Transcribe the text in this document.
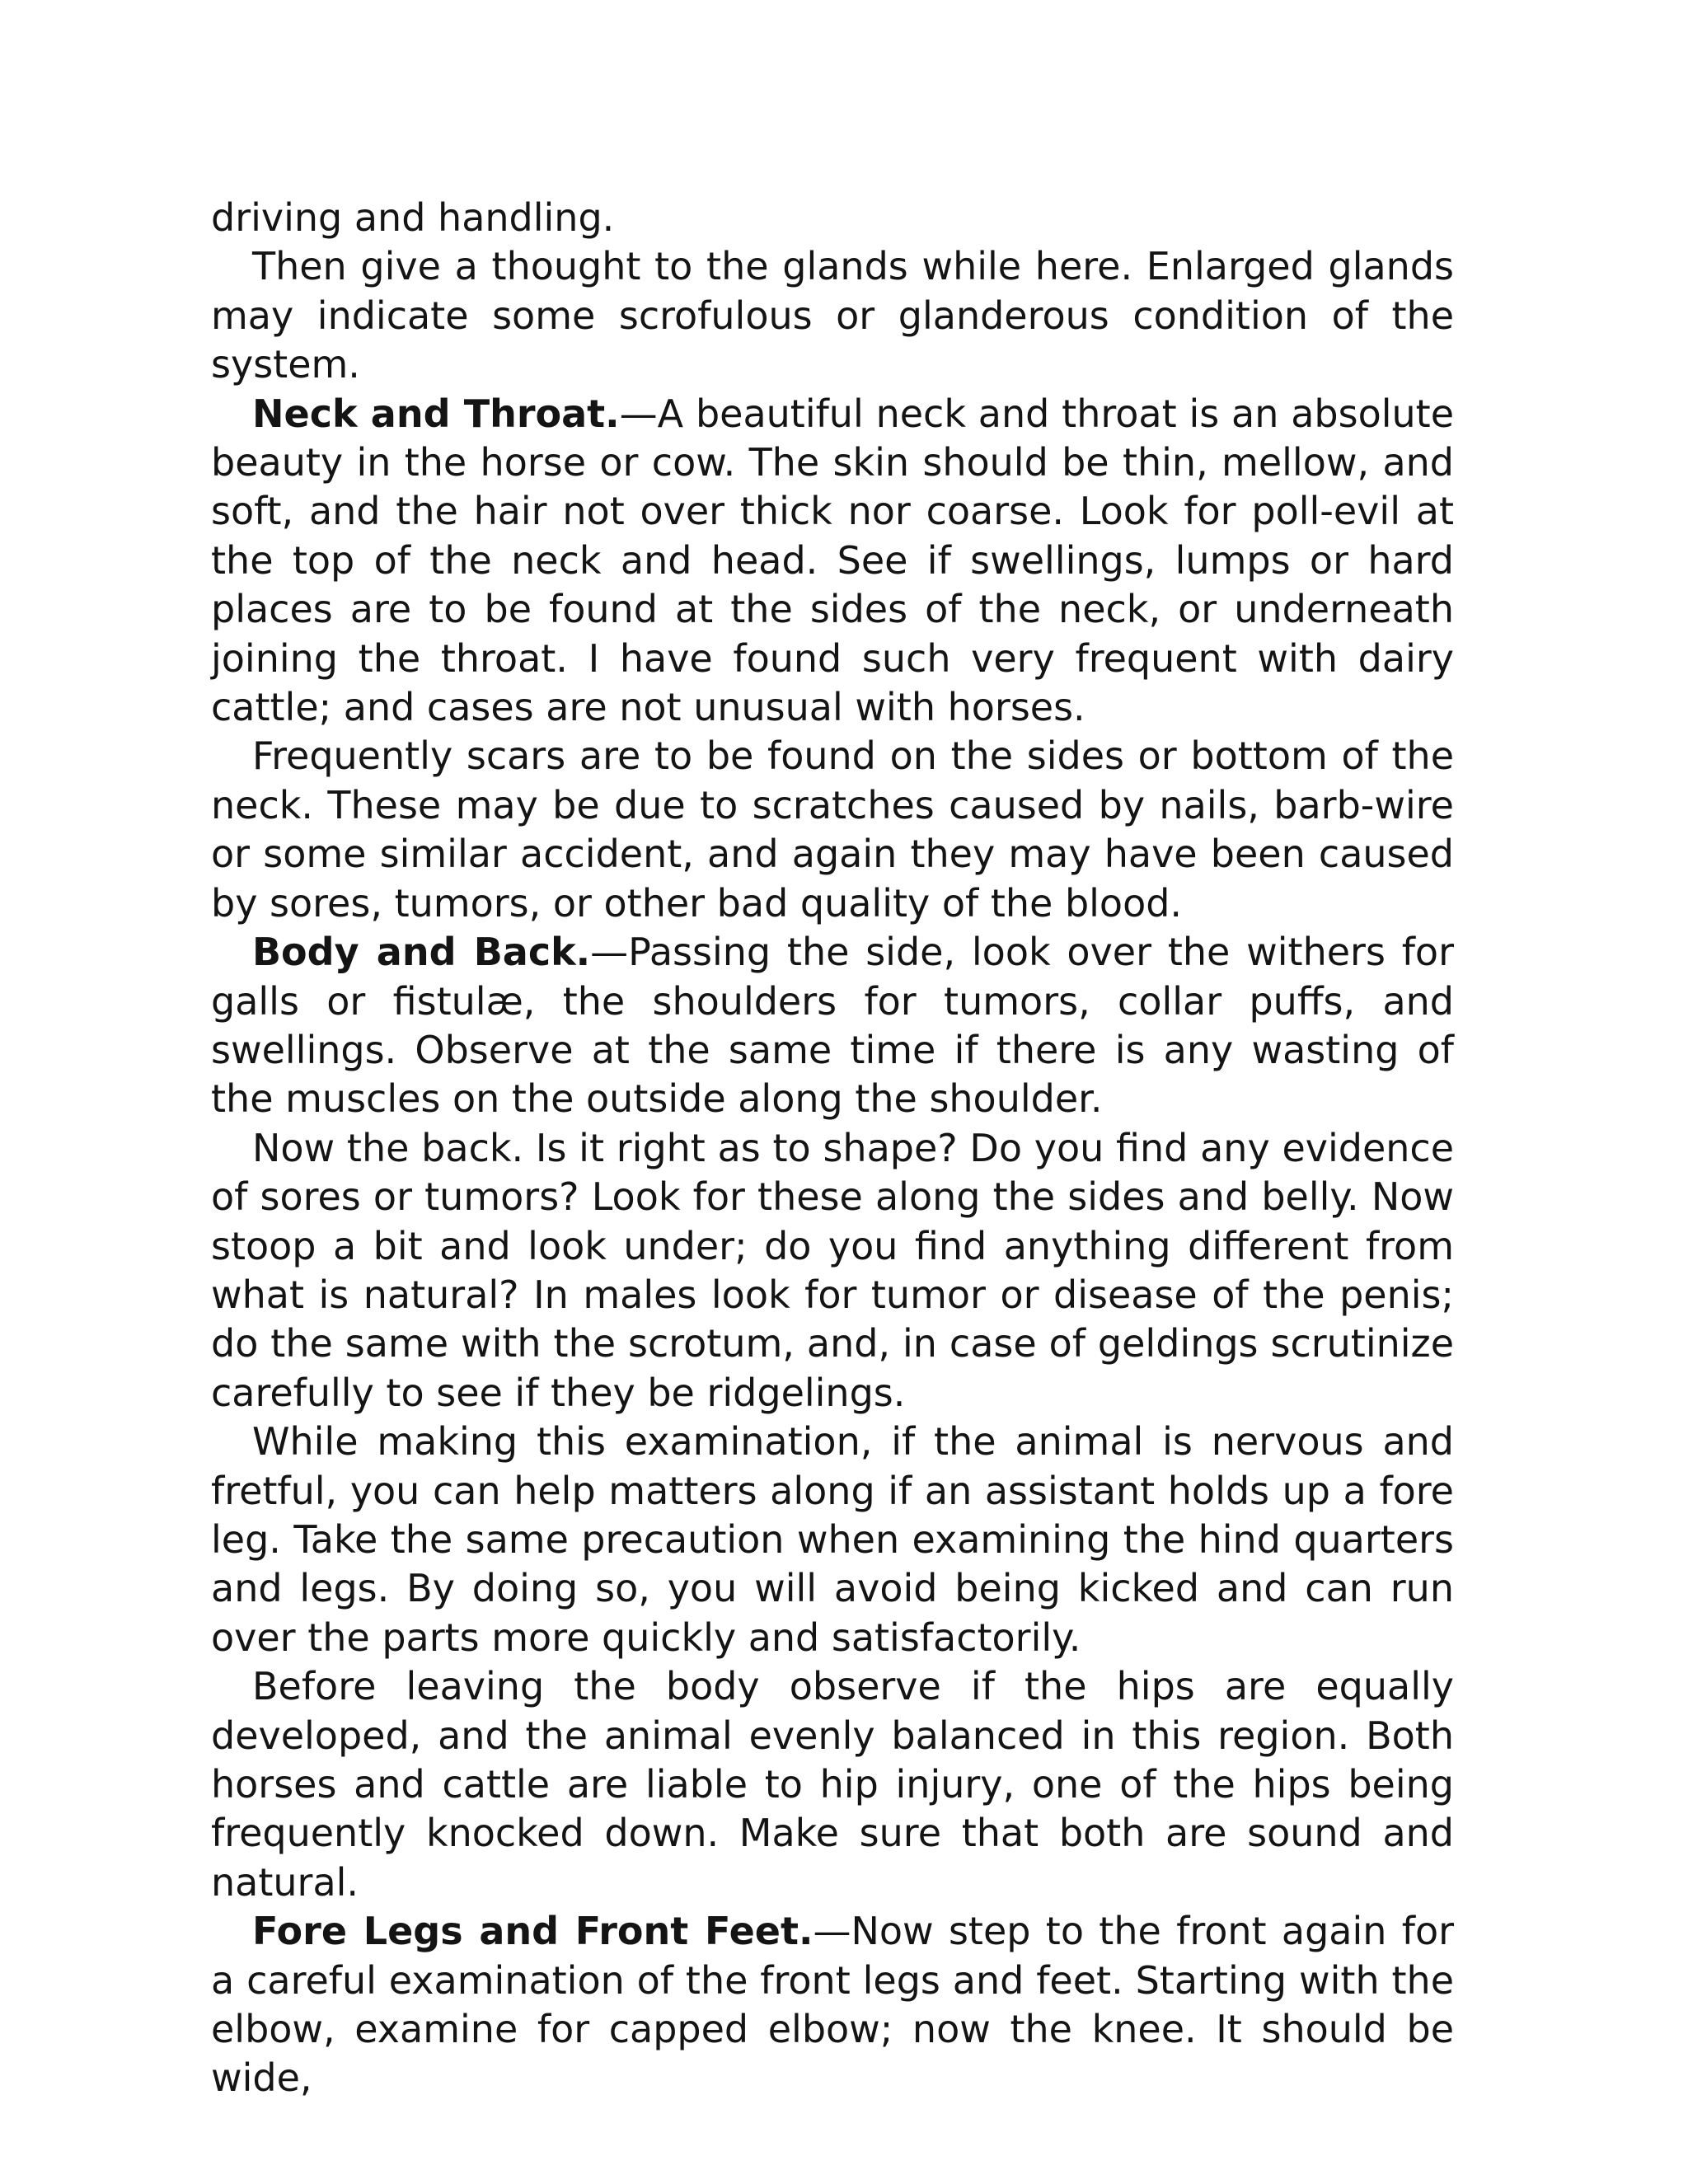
driving and handling.

Then give a thought to the glands while here. Enlarged glands may indicate some scrofulous or glanderous condition of the system.

Neck and Throat.—A beautiful neck and throat is an absolute beauty in the horse or cow. The skin should be thin, mellow, and soft, and the hair not over thick nor coarse. Look for poll-evil at the top of the neck and head. See if swellings, lumps or hard places are to be found at the sides of the neck, or underneath joining the throat. I have found such very frequent with dairy cattle; and cases are not unusual with horses.

Frequently scars are to be found on the sides or bottom of the neck. These may be due to scratches caused by nails, barb-wire or some similar accident, and again they may have been caused by sores, tumors, or other bad quality of the blood.

Body and Back.—Passing the side, look over the withers for galls or fistulæ, the shoulders for tumors, collar puffs, and swellings. Observe at the same time if there is any wasting of the muscles on the outside along the shoulder.

Now the back. Is it right as to shape? Do you find any evidence of sores or tumors? Look for these along the sides and belly. Now stoop a bit and look under; do you find anything different from what is natural? In males look for tumor or disease of the penis; do the same with the scrotum, and, in case of geldings scrutinize carefully to see if they be ridgelings.

While making this examination, if the animal is nervous and fretful, you can help matters along if an assistant holds up a fore leg. Take the same precaution when examining the hind quarters and legs. By doing so, you will avoid being kicked and can run over the parts more quickly and satisfactorily.

Before leaving the body observe if the hips are equally developed, and the animal evenly balanced in this region. Both horses and cattle are liable to hip injury, one of the hips being frequently knocked down. Make sure that both are sound and natural.

Fore Legs and Front Feet.—Now step to the front again for a careful examination of the front legs and feet. Starting with the elbow, examine for capped elbow; now the knee. It should be wide,
